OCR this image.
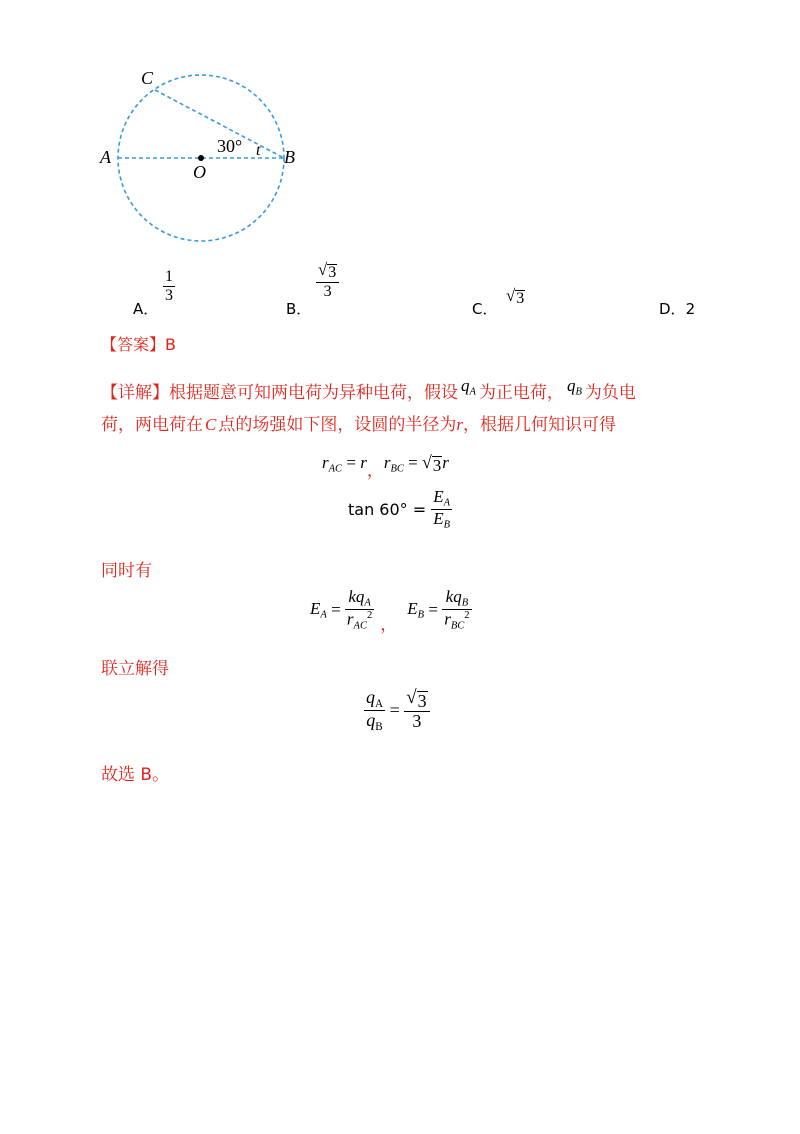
C
A
O
B
30° t
A．
1
3
B．
√ 3
3
C．
√ 3
D．2
【答案】B
【详解】根据题意可知两电荷为异种电荷，假设 $q_A$ 为正电荷， $q_B$ 为负电
荷，两电荷在 C 点的场强如下图，设圆的半径为r，根据几何知识可得
$r_{AC} = r$，$r_{BC}$ = √ 3 r
$\tan 60^\circ = \frac{E_A}{E_B}$
同时有
$E_A = \frac{kq_A}{r_{AC}^2}$ ，
$E_B = \frac{kq_B}{r_{BC}^2}$
联立解得
$\frac{q_A}{q_B} = \frac{√ 3}{3}$
故选 B。
